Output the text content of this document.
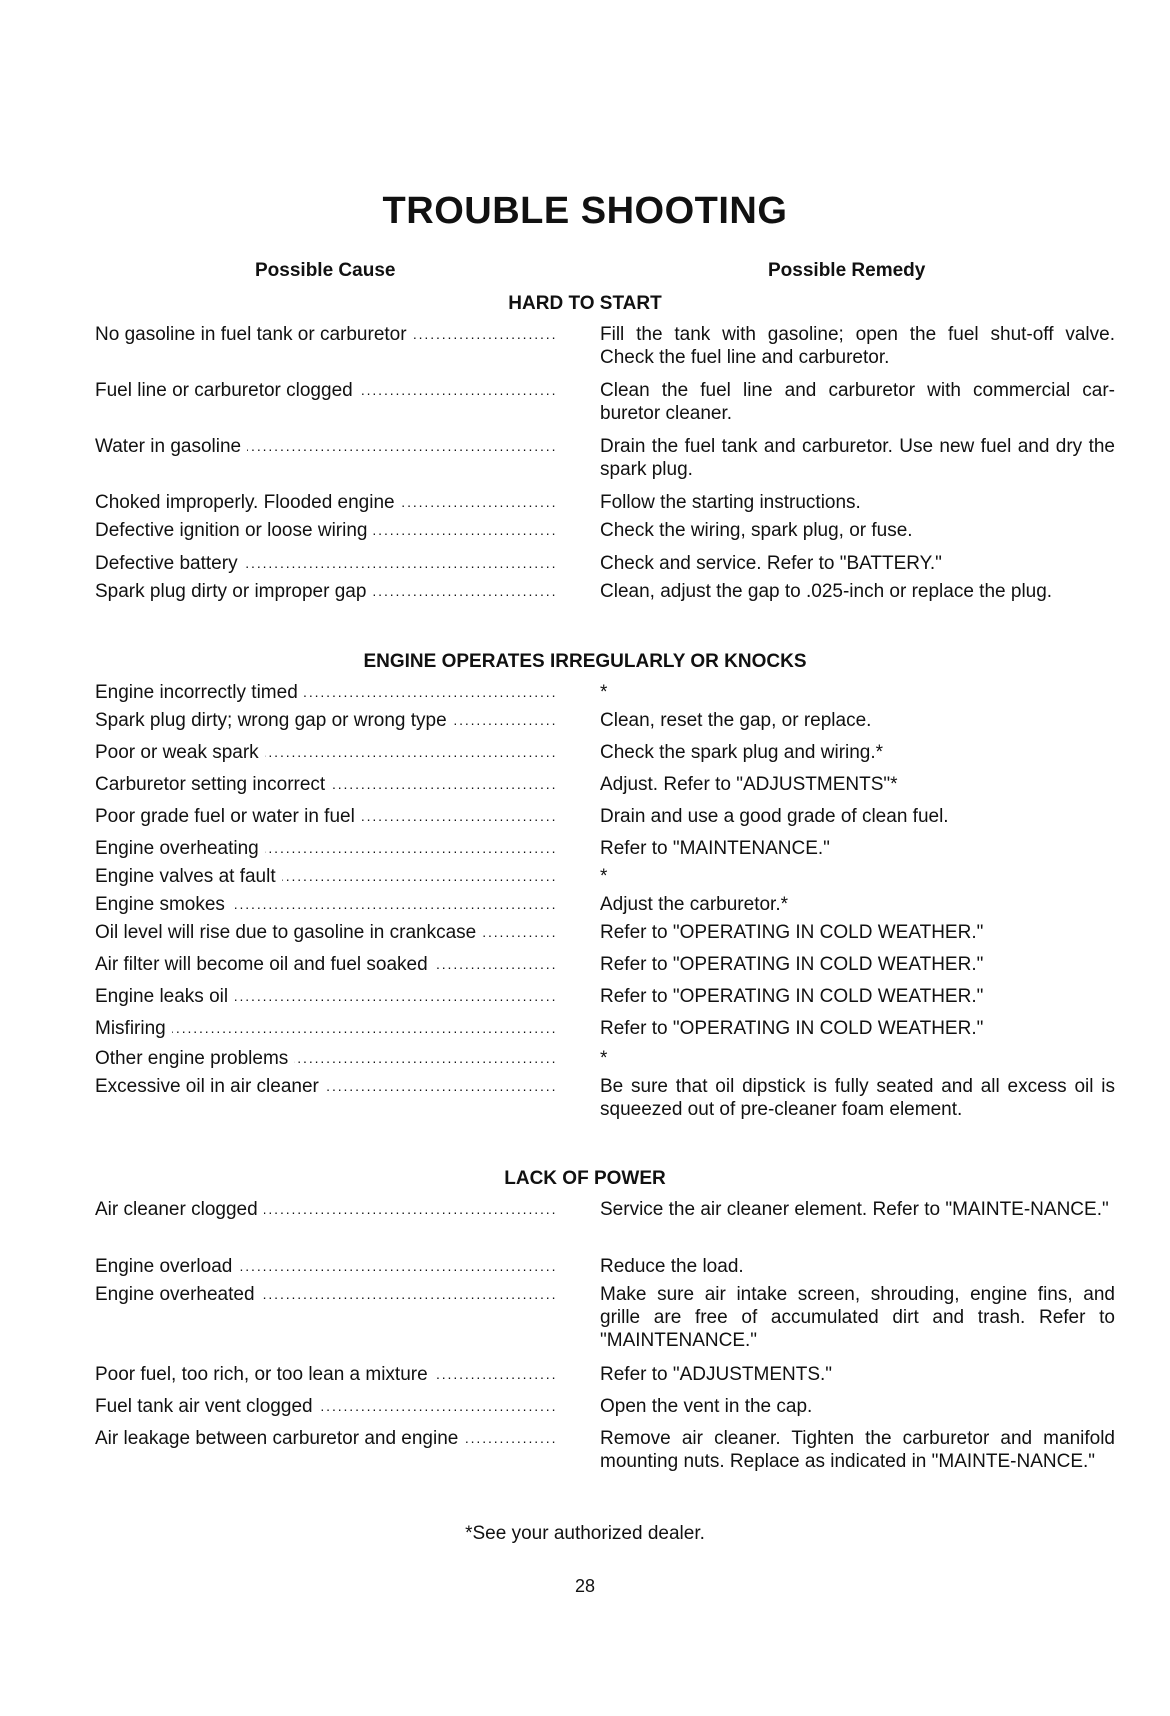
TROUBLE SHOOTING
Possible Cause	Possible Remedy
HARD TO START
No gasoline in fuel tank or carburetor . . .	Fill the tank with gasoline; open the fuel shut-off valve. Check the fuel line and carburetor.
Fuel line or carburetor clogged . . .	Clean the fuel line and carburetor with commercial car-buretor cleaner.
Water in gasoline . . .	Drain the fuel tank and carburetor. Use new fuel and dry the spark plug.
Choked improperly. Flooded engine . . .	Follow the starting instructions.
Defective ignition or loose wiring . . .	Check the wiring, spark plug, or fuse.
Defective battery . . .	Check and service. Refer to "BATTERY."
Spark plug dirty or improper gap . . .	Clean, adjust the gap to .025-inch or replace the plug.
ENGINE OPERATES IRREGULARLY OR KNOCKS
Engine incorrectly timed . . .	*
Spark plug dirty; wrong gap or wrong type . . .	Clean, reset the gap, or replace.
Poor or weak spark . . .	Check the spark plug and wiring.*
Carburetor setting incorrect . . .	Adjust. Refer to "ADJUSTMENTS"*
Poor grade fuel or water in fuel . . .	Drain and use a good grade of clean fuel.
Engine overheating . . .	Refer to "MAINTENANCE."
Engine valves at fault . . .	*
Engine smokes . . .	Adjust the carburetor.*
Oil level will rise due to gasoline in crankcase . . .	Refer to "OPERATING IN COLD WEATHER."
Air filter will become oil and fuel soaked . . .	Refer to "OPERATING IN COLD WEATHER."
Engine leaks oil . . .	Refer to "OPERATING IN COLD WEATHER."
Misfiring . . .	Refer to "OPERATING IN COLD WEATHER."
Other engine problems . . .	*
Excessive oil in air cleaner . . .	Be sure that oil dipstick is fully seated and all excess oil is squeezed out of pre-cleaner foam element.
LACK OF POWER
Air cleaner clogged . . .	Service the air cleaner element. Refer to "MAINTE-NANCE."
Engine overload . . .	Reduce the load.
Engine overheated . . .	Make sure air intake screen, shrouding, engine fins, and grille are free of accumulated dirt and trash. Refer to "MAINTENANCE."
Poor fuel, too rich, or too lean a mixture . . .	Refer to "ADJUSTMENTS."
Fuel tank air vent clogged . . .	Open the vent in the cap.
Air leakage between carburetor and engine . . .	Remove air cleaner. Tighten the carburetor and manifold mounting nuts. Replace as indicated in "MAINTE-NANCE."
*See your authorized dealer.
28
